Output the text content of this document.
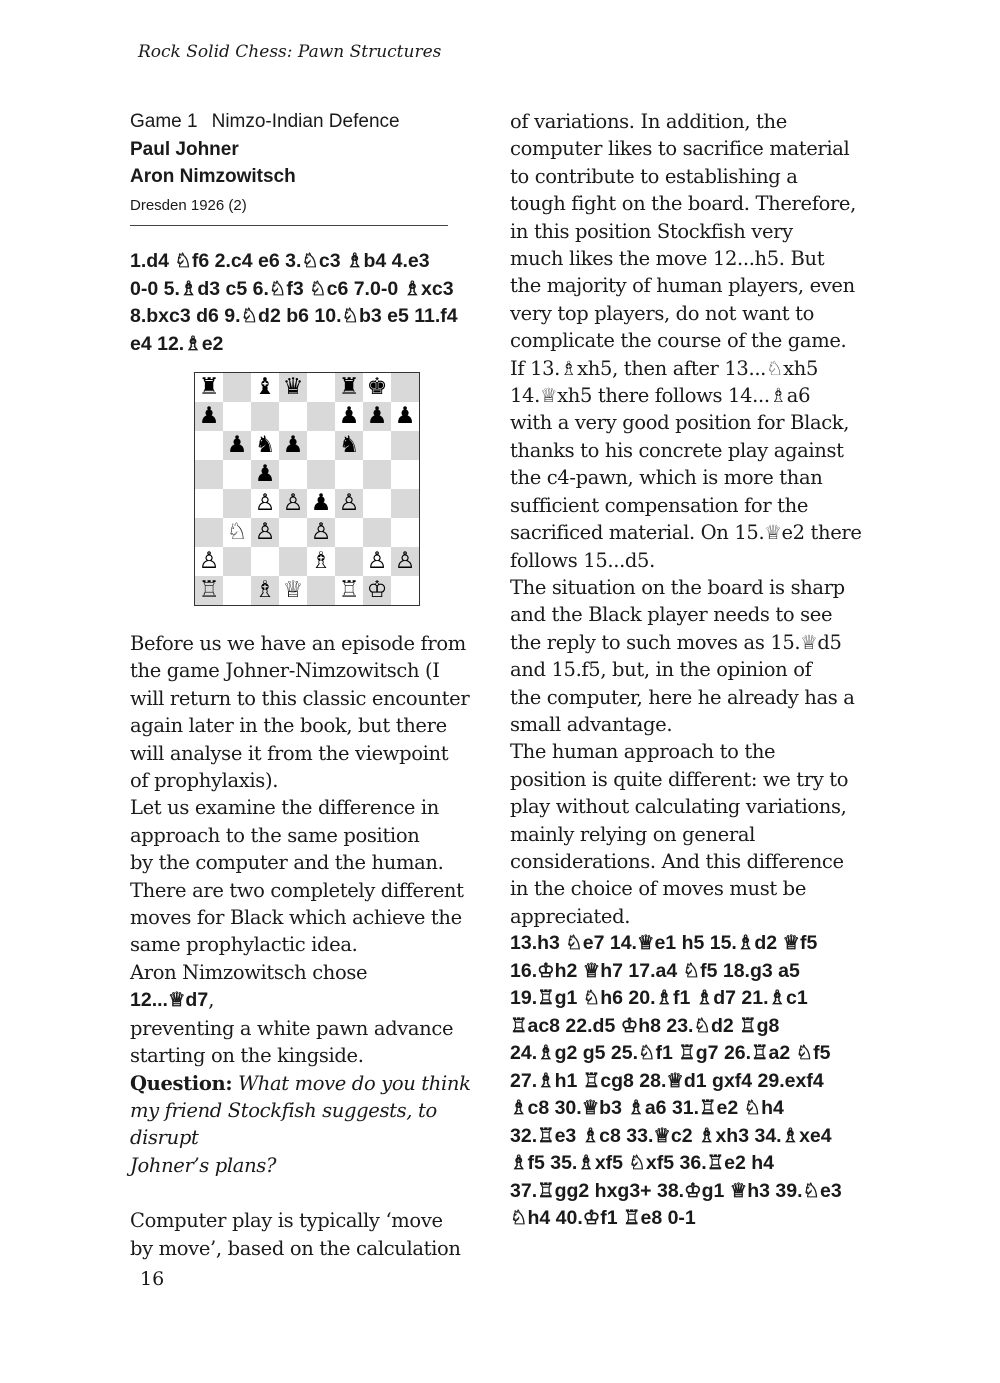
Rock Solid Chess: Pawn Structures
Game 1 Nimzo-Indian Defence
Paul Johner
Aron Nimzowitsch
Dresden 1926 (2)
1.d4 ♘f6 2.c4 e6 3.♘c3 ♗b4 4.e3
0-0 5.♗d3 c5 6.♘f3 ♘c6 7.0-0 ♗xc3
8.bxc3 d6 9.♘d2 b6 10.♘b3 e5 11.f4
e4 12.♗e2
♜ ♝ ♛ ♜ ♚
♟	♟ ♟ ♟
♟ ♞ ♟ ♞
♟
♙ ♙ ♟ ♙
♘ ♙ ♙
♙	♗ ♙ ♙
♖ ♗ ♕ ♖ ♔
Before us we have an episode from
the game Johner-Nimzowitsch (I
will return to this classic encounter
again later in the book, but there
will analyse it from the viewpoint
of prophylaxis).
Let us examine the difference in
approach to the same position
by the computer and the human.
There are two completely different
moves for Black which achieve the
same prophylactic idea.
Aron Nimzowitsch chose
12...♕d7,
preventing a white pawn advance
starting on the kingside.
Question: What move do you think
my friend Stockfish suggests, to disrupt
Johner’s plans?
Computer play is typically ‘move
by move’, based on the calculation
of variations. In addition, the
computer likes to sacrifice material
to contribute to establishing a
tough fight on the board. Therefore,
in this position Stockfish very
much likes the move 12...h5. But
the majority of human players, even
very top players, do not want to
complicate the course of the game.
If 13.♗xh5, then after 13...♘xh5
14.♕xh5 there follows 14...♗a6
with a very good position for Black,
thanks to his concrete play against
the c4-pawn, which is more than
sufficient compensation for the
sacrificed material. On 15.♕e2 there
follows 15...d5.
The situation on the board is sharp
and the Black player needs to see
the reply to such moves as 15.♕d5
and 15.f5, but, in the opinion of
the computer, here he already has a
small advantage.
The human approach to the
position is quite different: we try to
play without calculating variations,
mainly relying on general
considerations. And this difference
in the choice of moves must be
appreciated.
13.h3 ♘e7 14.♕e1 h5 15.♗d2 ♕f5
16.♔h2 ♕h7 17.a4 ♘f5 18.g3 a5
19.♖g1 ♘h6 20.♗f1 ♗d7 21.♗c1
♖ac8 22.d5 ♔h8 23.♘d2 ♖g8
24.♗g2 g5 25.♘f1 ♖g7 26.♖a2 ♘f5
27.♗h1 ♖cg8 28.♕d1 gxf4 29.exf4
♗c8 30.♕b3 ♗a6 31.♖e2 ♘h4
32.♖e3 ♗c8 33.♕c2 ♗xh3 34.♗xe4
♗f5 35.♗xf5 ♘xf5 36.♖e2 h4
37.♖gg2 hxg3+ 38.♔g1 ♕h3 39.♘e3
♘h4 40.♔f1 ♖e8 0-1
16
